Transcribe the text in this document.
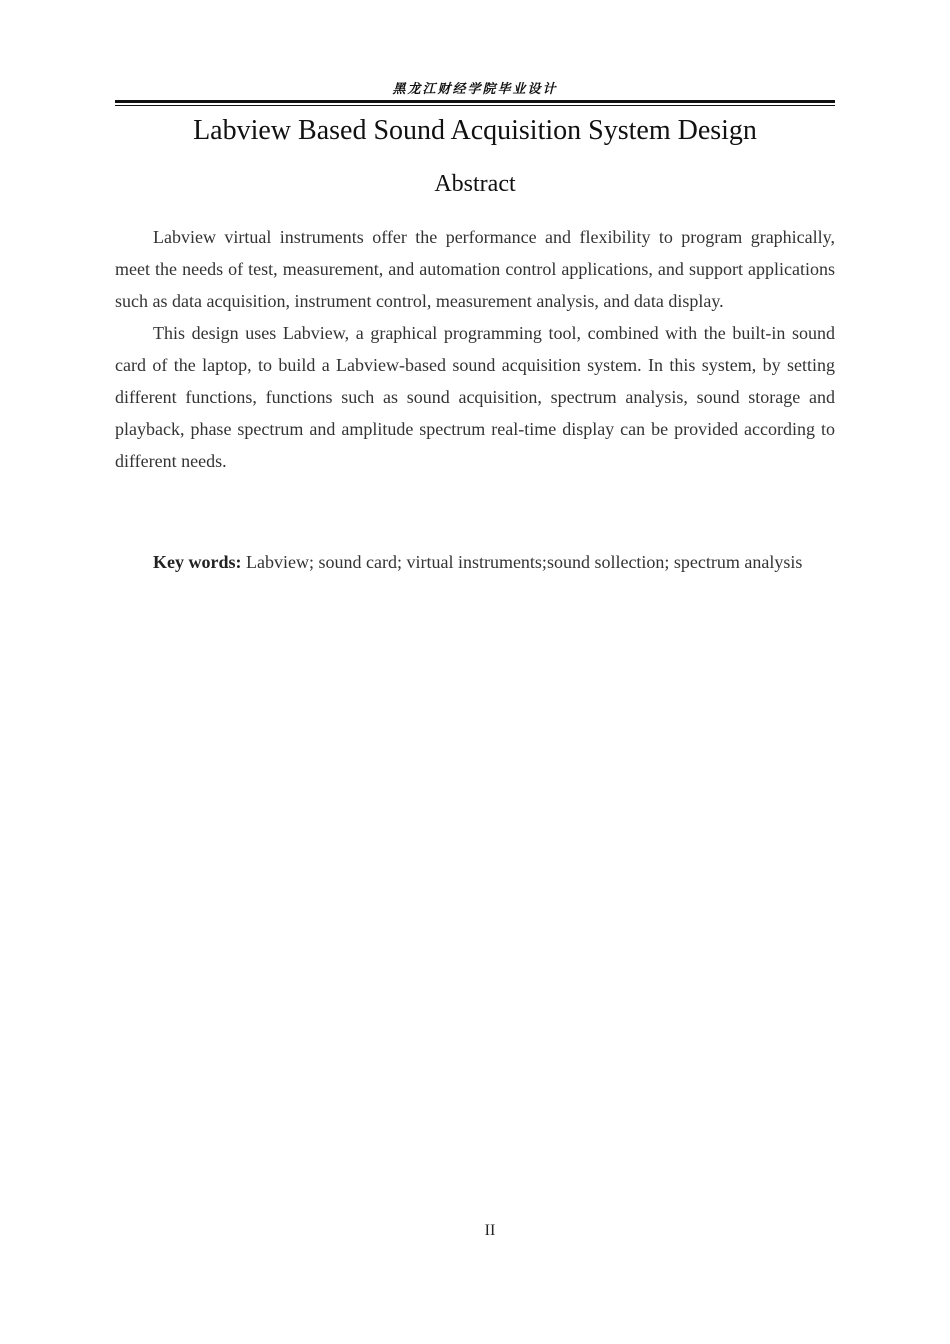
黑龙江财经学院毕业设计
Labview Based Sound Acquisition System Design
Abstract

Labview virtual instruments offer the performance and flexibility to program graphically, meet the needs of test, measurement, and automation control applications, and support applications such as data acquisition, instrument control, measurement analysis, and data display.

This design uses Labview, a graphical programming tool, combined with the built-in sound card of the laptop, to build a Labview-based sound acquisition system. In this system, by setting different functions, functions such as sound acquisition, spectrum analysis, sound storage and playback, phase spectrum and amplitude spectrum real-time display can be provided according to different needs.

Key words: Labview; sound card; virtual instruments;sound sollection; spectrum analysis

II
